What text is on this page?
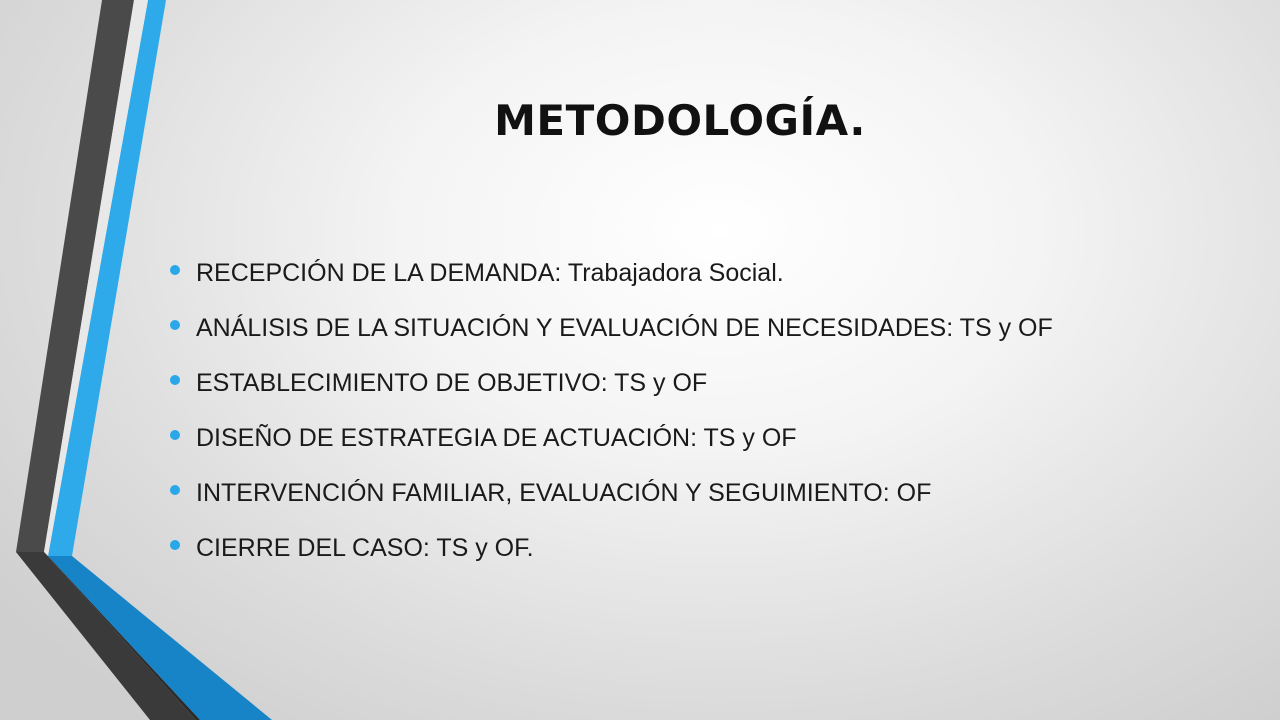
METODOLOGÍA.
RECEPCIÓN DE LA DEMANDA: Trabajadora Social.
ANÁLISIS DE LA SITUACIÓN Y EVALUACIÓN DE NECESIDADES: TS y OF
ESTABLECIMIENTO DE OBJETIVO: TS y OF
DISEÑO DE ESTRATEGIA DE ACTUACIÓN: TS y OF
INTERVENCIÓN FAMILIAR, EVALUACIÓN Y SEGUIMIENTO: OF
CIERRE DEL CASO: TS y OF.
